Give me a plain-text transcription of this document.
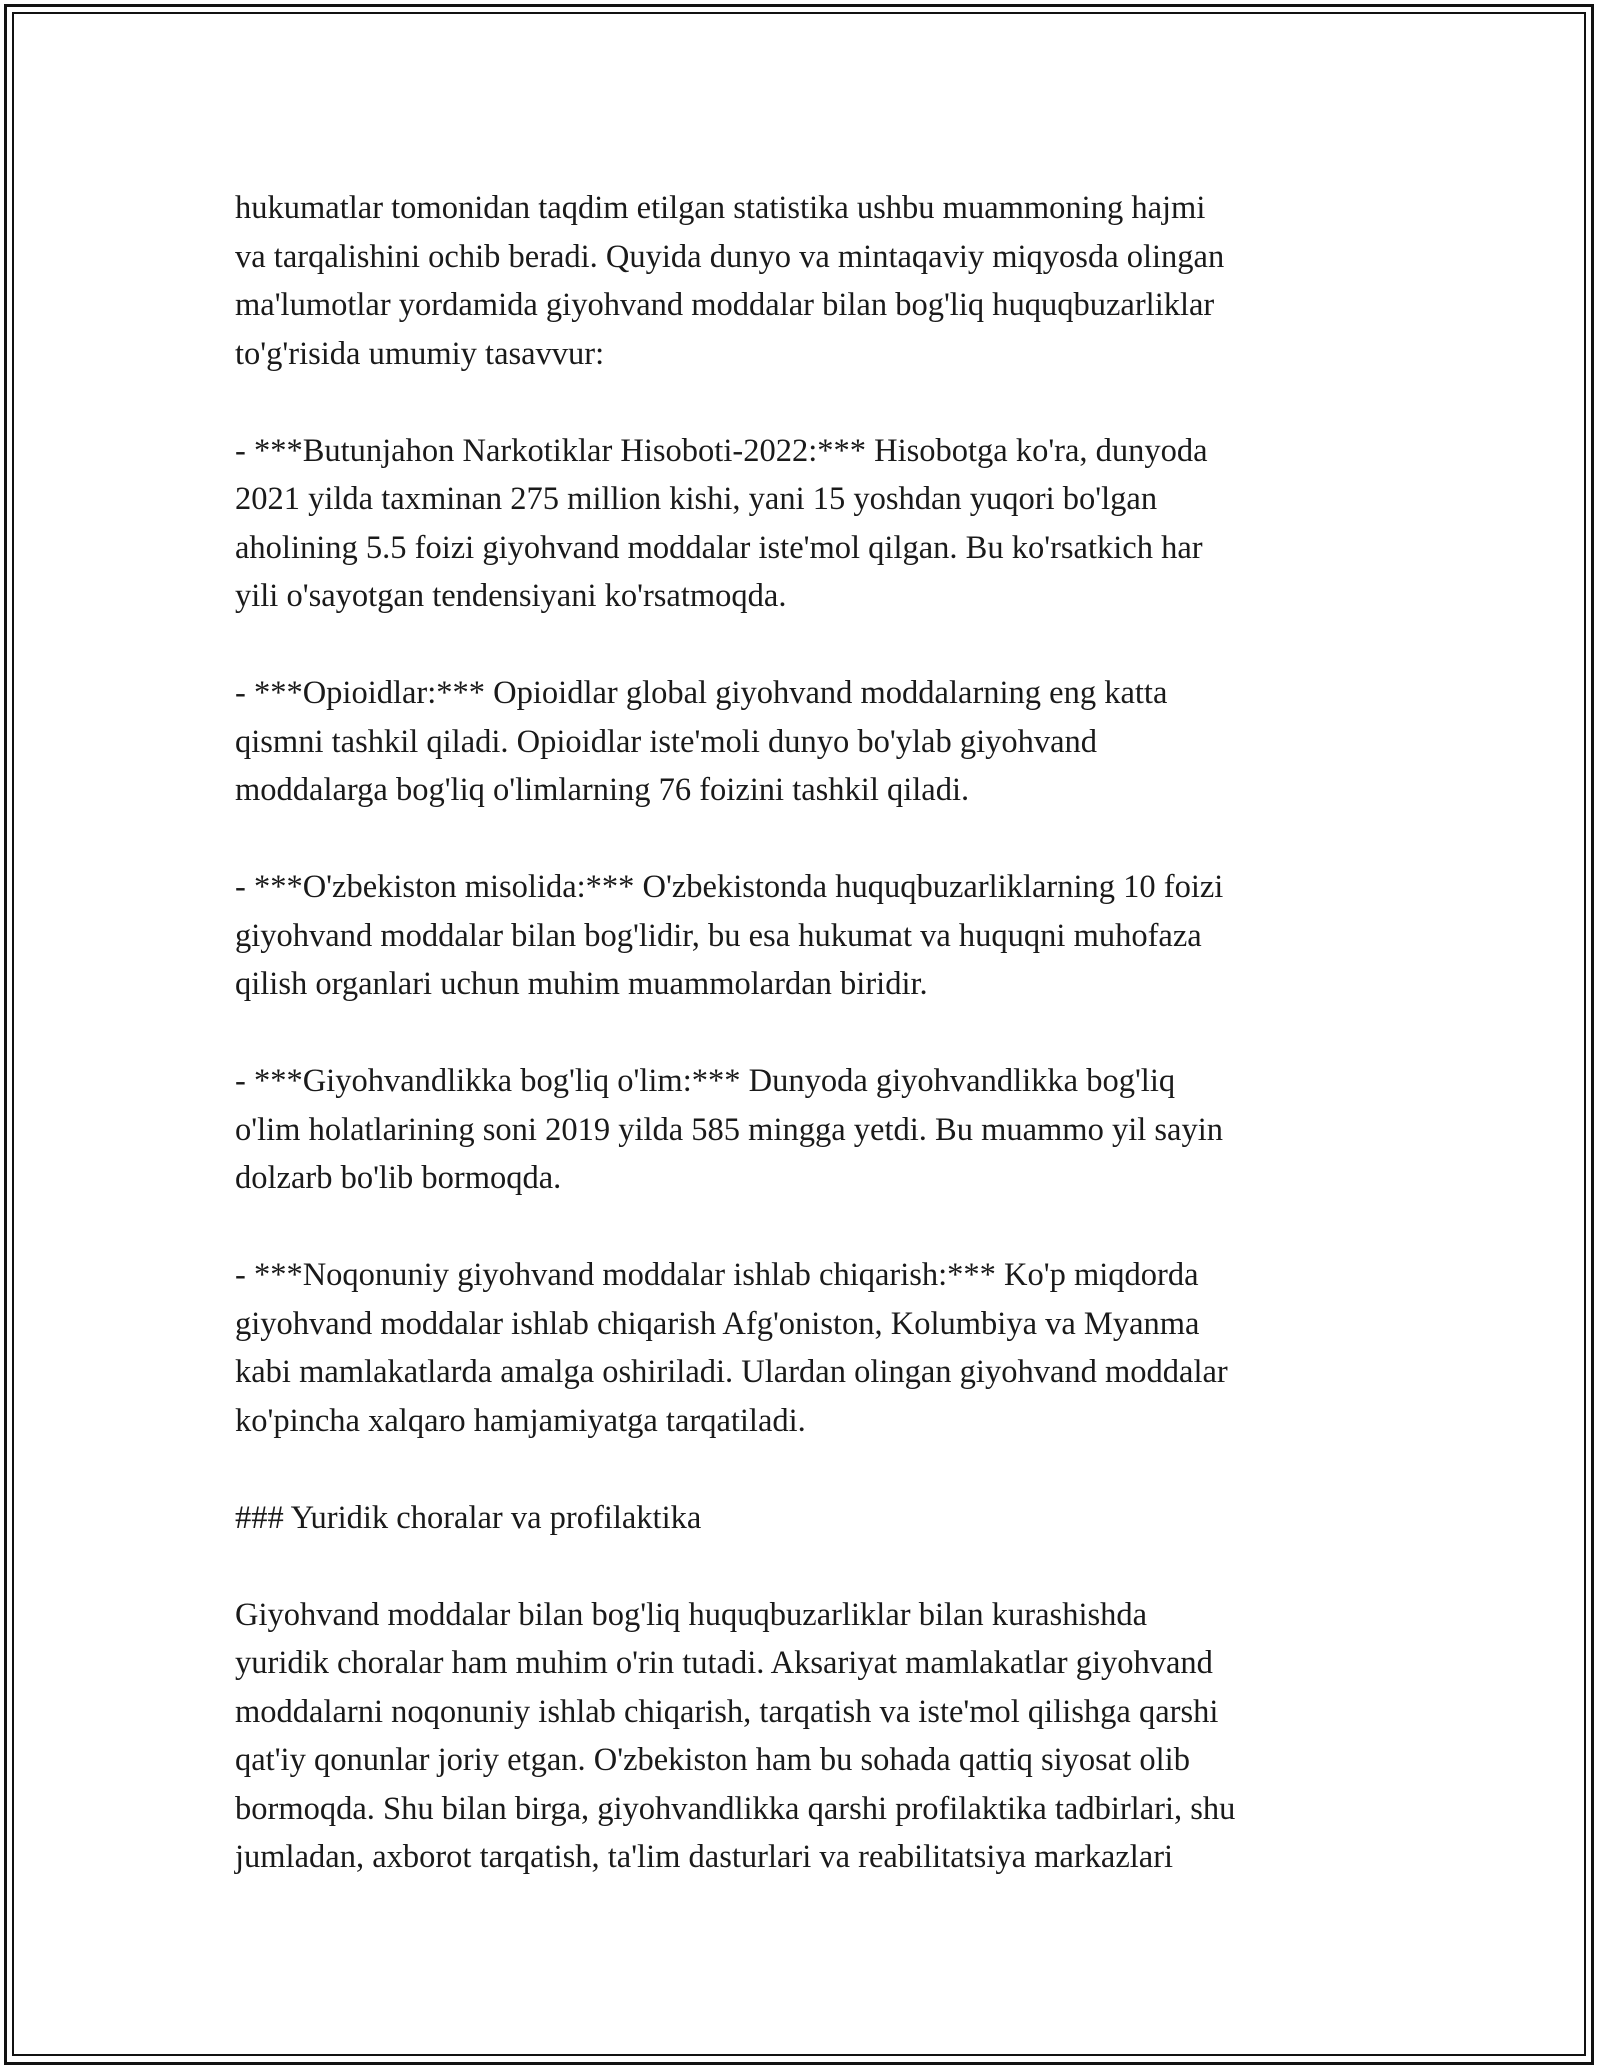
hukumatlar tomonidan taqdim etilgan statistika ushbu muammoning hajmi
va tarqalishini ochib beradi. Quyida dunyo va mintaqaviy miqyosda olingan
ma'lumotlar yordamida giyohvand moddalar bilan bog'liq huquqbuzarliklar
to'g'risida umumiy tasavvur:

- ***Butunjahon Narkotiklar Hisoboti-2022:*** Hisobotga ko'ra, dunyoda
2021 yilda taxminan 275 million kishi, yani 15 yoshdan yuqori bo'lgan
aholining 5.5 foizi giyohvand moddalar iste'mol qilgan. Bu ko'rsatkich har
yili o'sayotgan tendensiyani ko'rsatmoqda.

- ***Opioidlar:*** Opioidlar global giyohvand moddalarning eng katta
qismni tashkil qiladi. Opioidlar iste'moli dunyo bo'ylab giyohvand
moddalarga bog'liq o'limlarning 76 foizini tashkil qiladi.

- ***O'zbekiston misolida:*** O'zbekistonda huquqbuzarliklarning 10 foizi
giyohvand moddalar bilan bog'lidir, bu esa hukumat va huquqni muhofaza
qilish organlari uchun muhim muammolardan biridir.

- ***Giyohvandlikka bog'liq o'lim:*** Dunyoda giyohvandlikka bog'liq
o'lim holatlarining soni 2019 yilda 585 mingga yetdi. Bu muammo yil sayin
dolzarb bo'lib bormoqda.

- ***Noqonuniy giyohvand moddalar ishlab chiqarish:*** Ko'p miqdorda
giyohvand moddalar ishlab chiqarish Afg'oniston, Kolumbiya va Myanma
kabi mamlakatlarda amalga oshiriladi. Ulardan olingan giyohvand moddalar
ko'pincha xalqaro hamjamiyatga tarqatiladi.

### Yuridik choralar va profilaktika

Giyohvand moddalar bilan bog'liq huquqbuzarliklar bilan kurashishda
yuridik choralar ham muhim o'rin tutadi. Aksariyat mamlakatlar giyohvand
moddalarni noqonuniy ishlab chiqarish, tarqatish va iste'mol qilishga qarshi
qat'iy qonunlar joriy etgan. O'zbekiston ham bu sohada qattiq siyosat olib
bormoqda. Shu bilan birga, giyohvandlikka qarshi profilaktika tadbirlari, shu
jumladan, axborot tarqatish, ta'lim dasturlari va reabilitatsiya markazlari
